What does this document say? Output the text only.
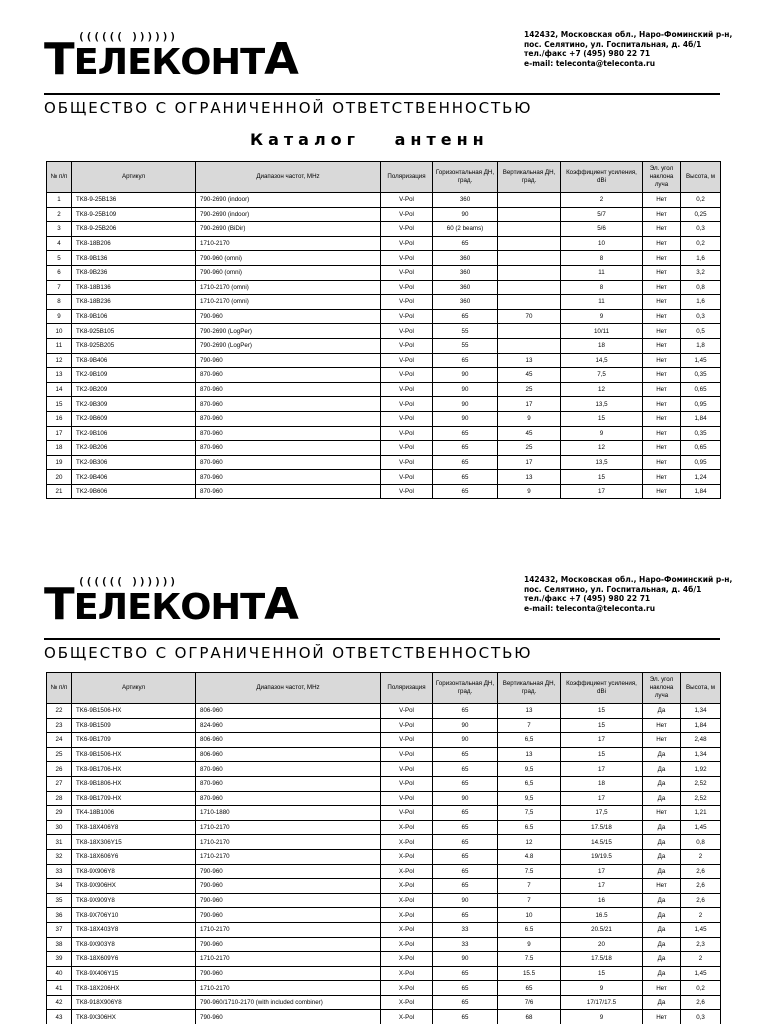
(((((( ))))))
ТЕЛЕКОНТА	142432, Московская обл., Наро-Фоминский р-н,
пос. Селятино, ул. Госпитальная, д. 4б/1
тел./факс +7 (495) 980 22 71
e-mail: teleconta@teleconta.ru
ОБЩЕСТВО С ОГРАНИЧЕННОЙ ОТВЕТСТВЕННОСТЬЮ
Каталог антенн
№ п/п	Артикул	Диапазон частот, MHz	Поляризация	Горизонтальная ДН, град.	Вертикальная ДН, град.	Коэффициент усиления, dBi	Эл. угол наклона луча	Высота, м
1	TK8-9-25B136	790-2690 (indoor)	V-Pol	360		2	Нет	0,2
2	TK8-9-25B109	790-2690 (indoor)	V-Pol	90		5/7	Нет	0,25
3	TK8-9-25B206	790-2690 (BiDir)	V-Pol	60 (2 beams)		5/6	Нет	0,3
4	TK8-18B206	1710-2170	V-Pol	65		10	Нет	0,2
5	TK8-9B136	790-960 (omni)	V-Pol	360		8	Нет	1,6
6	TK8-9B236	790-960 (omni)	V-Pol	360		11	Нет	3,2
7	TK8-18B136	1710-2170 (omni)	V-Pol	360		8	Нет	0,8
8	TK8-18B236	1710-2170 (omni)	V-Pol	360		11	Нет	1,6
9	TK8-9B106	790-960	V-Pol	65	70	9	Нет	0,3
10	TK8-925B105	790-2690 (LogPer)	V-Pol	55		10/11	Нет	0,5
11	TK8-925B205	790-2690 (LogPer)	V-Pol	55		18	Нет	1,8
12	TK8-9B406	790-960	V-Pol	65	13	14,5	Нет	1,45
13	TK2-9B109	870-960	V-Pol	90	45	7,5	Нет	0,35
14	TK2-9B209	870-960	V-Pol	90	25	12	Нет	0,65
15	TK2-9B309	870-960	V-Pol	90	17	13,5	Нет	0,95
16	TK2-9B609	870-960	V-Pol	90	9	15	Нет	1,84
17	TK2-9B106	870-960	V-Pol	65	45	9	Нет	0,35
18	TK2-9B206	870-960	V-Pol	65	25	12	Нет	0,65
19	TK2-9B306	870-960	V-Pol	65	17	13,5	Нет	0,95
20	TK2-9B406	870-960	V-Pol	65	13	15	Нет	1,24
21	TK2-9B606	870-960	V-Pol	65	9	17	Нет	1,84
(((((( ))))))
ТЕЛЕКОНТА	142432, Московская обл., Наро-Фоминский р-н,
пос. Селятино, ул. Госпитальная, д. 4б/1
тел./факс +7 (495) 980 22 71
e-mail: teleconta@teleconta.ru
ОБЩЕСТВО С ОГРАНИЧЕННОЙ ОТВЕТСТВЕННОСТЬЮ
№ п/п	Артикул	Диапазон частот, MHz	Поляризация	Горизонтальная ДН, град.	Вертикальная ДН, град.	Коэффициент усиления, dBi	Эл. угол наклона луча	Высота, м
22	TK6-9B1506-HX	806-960	V-Pol	65	13	15	Да	1,34
23	TK8-9B1509	824-960	V-Pol	90	7	15	Нет	1,84
24	TK6-9B1709	806-960	V-Pol	90	6,5	17	Нет	2,48
25	TK8-9B1506-HX	806-960	V-Pol	65	13	15	Да	1,34
26	TK8-9B1706-HX	870-960	V-Pol	65	9,5	17	Да	1,92
27	TK8-9B1806-HX	870-960	V-Pol	65	6,5	18	Да	2,52
28	TK8-9B1709-HX	870-960	V-Pol	90	9,5	17	Да	2,52
29	TK4-18B1006	1710-1880	V-Pol	65	7,5	17,5	Нет	1,21
30	TK8-18X406Y8	1710-2170	X-Pol	65	6.5	17.5/18	Да	1,45
31	TK8-18X306Y15	1710-2170	X-Pol	65	12	14.5/15	Да	0,8
32	TK8-18X606Y6	1710-2170	X-Pol	65	4.8	19/19.5	Да	2
33	TK8-9X906Y8	790-960	X-Pol	65	7.5	17	Да	2,6
34	TK8-9X906HX	790-960	X-Pol	65	7	17	Нет	2,6
35	TK8-9X909Y8	790-960	X-Pol	90	7	16	Да	2,6
36	TK8-9X706Y10	790-960	X-Pol	65	10	16.5	Да	2
37	TK8-18X403Y8	1710-2170	X-Pol	33	6.5	20.5/21	Да	1,45
38	TK8-9X903Y8	790-960	X-Pol	33	9	20	Да	2,3
39	TK8-18X609Y6	1710-2170	X-Pol	90	7.5	17.5/18	Да	2
40	TK8-9X406Y15	790-960	X-Pol	65	15.5	15	Да	1,45
41	TK8-18X206HX	1710-2170	X-Pol	65	65	9	Нет	0,2
42	TK8-918X906Y8	790-960/1710-2170 (with included combiner)	X-Pol	65	7/6	17/17/17.5	Да	2,6
43	TK8-9X306HX	790-960	X-Pol	65	68	9	Нет	0,3
